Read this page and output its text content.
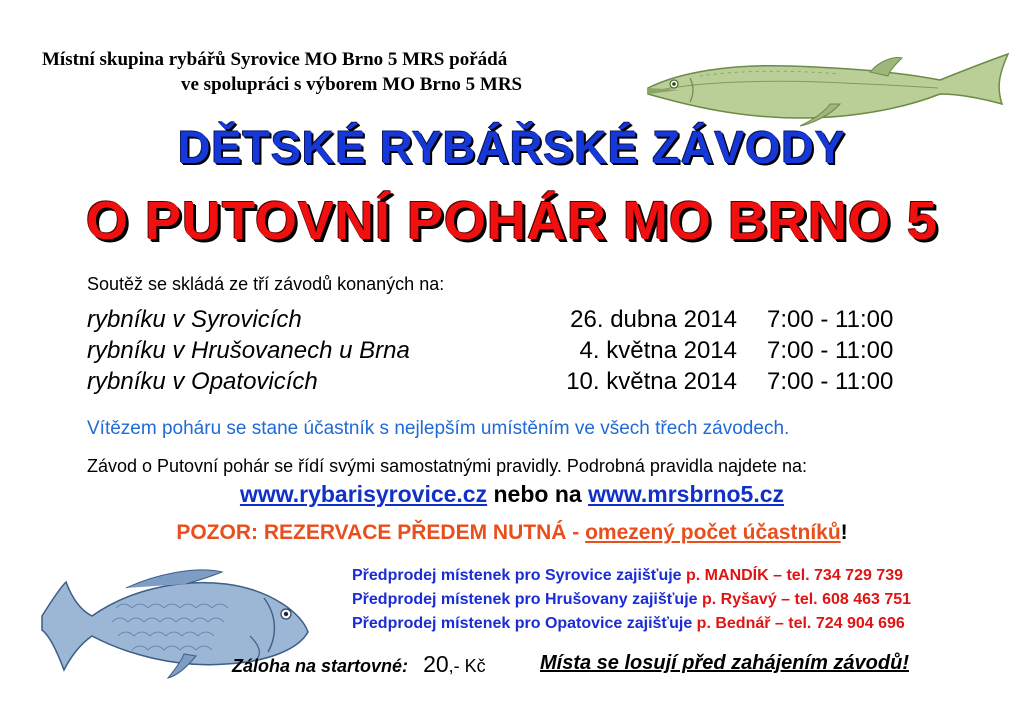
Místní skupina rybářů Syrovice MO Brno 5 MRS pořádá
ve spolupráci s výborem MO Brno 5 MRS
DĚTSKÉ RYBÁŘSKÉ ZÁVODY
O PUTOVNÍ POHÁR MO BRNO 5
Soutěž se skládá ze tří závodů konaných na:
rybníku v Syrovicích	26. dubna 2014 7:00 - 11:00
rybníku v Hrušovanech u Brna	4. května 2014 7:00 - 11:00
rybníku v Opatovicích	10. května 2014 7:00 - 11:00
Vítězem poháru se stane účastník s nejlepším umístěním ve všech třech závodech.
Závod o Putovní pohár se řídí svými samostatnými pravidly. Podrobná pravidla najdete na:
www.rybarisyrovice.cz nebo na www.mrsbrno5.cz
POZOR: REZERVACE PŘEDEM NUTNÁ - omezený počet účastníků!
Předprodej místenek pro Syrovice zajišťuje p. MANDÍK – tel. 734 729 739
Předprodej místenek pro Hrušovany zajišťuje p. Ryšavý – tel. 608 463 751
Předprodej místenek pro Opatovice zajišťuje p. Bednář – tel. 724 904 696
Záloha na startovné: 20,- Kč	Místa se losují před zahájením závodů!
